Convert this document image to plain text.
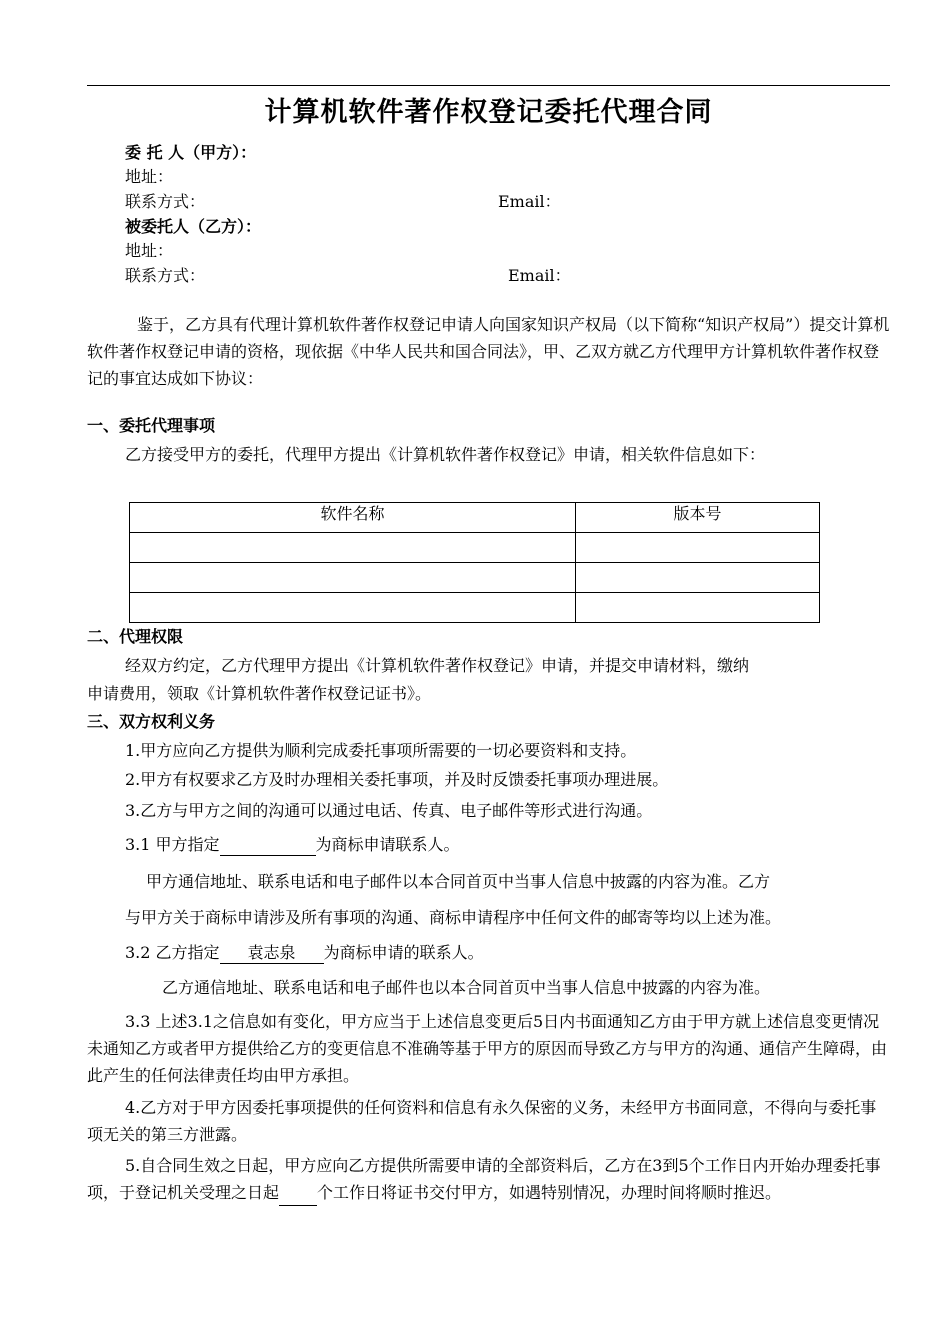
计算机软件著作权登记委托代理合同
委 托 人（甲方）：
地址：
联系方式：	Email：
被委托人（乙方）：
地址：
联系方式：	Email：
鉴于，乙方具有代理计算机软件著作权登记申请人向国家知识产权局（以下简称“知识产权局”）提交计算机软件著作权登记申请的资格，现依据《中华人民共和国合同法》，甲、乙双方就乙方代理甲方计算机软件著作权登记的事宜达成如下协议：
一、委托代理事项
乙方接受甲方的委托，代理甲方提出《计算机软件著作权登记》申请，相关软件信息如下：
软件名称	版本号

二、代理权限
经双方约定，乙方代理甲方提出《计算机软件著作权登记》申请，并提交申请材料，缴纳
申请费用，领取《计算机软件著作权登记证书》。
三、双方权利义务
1.甲方应向乙方提供为顺利完成委托事项所需要的一切必要资料和支持。
2.甲方有权要求乙方及时办理相关委托事项，并及时反馈委托事项办理进展。
3.乙方与甲方之间的沟通可以通过电话、传真、电子邮件等形式进行沟通。
3.1 甲方指定	为商标申请联系人。
甲方通信地址、联系电话和电子邮件以本合同首页中当事人信息中披露的内容为准。乙方
与甲方关于商标申请涉及所有事项的沟通、商标申请程序中任何文件的邮寄等均以上述为准。
3.2 乙方指定 袁志泉 为商标申请的联系人。
乙方通信地址、联系电话和电子邮件也以本合同首页中当事人信息中披露的内容为准。
3.3 上述3.1之信息如有变化，甲方应当于上述信息变更后5日内书面通知乙方由于甲方就上述信息变更情况未通知乙方或者甲方提供给乙方的变更信息不准确等基于甲方的原因而导致乙方与甲方的沟通、通信产生障碍，由此产生的任何法律责任均由甲方承担。
4.乙方对于甲方因委托事项提供的任何资料和信息有永久保密的义务，未经甲方书面同意，不得向与委托事项无关的第三方泄露。
5.自合同生效之日起，甲方应向乙方提供所需要申请的全部资料后，乙方在3到5个工作日内开始办理委托事项，于登记机关受理之日起 个工作日将证书交付甲方，如遇特别情况，办理时间将顺时推迟。
